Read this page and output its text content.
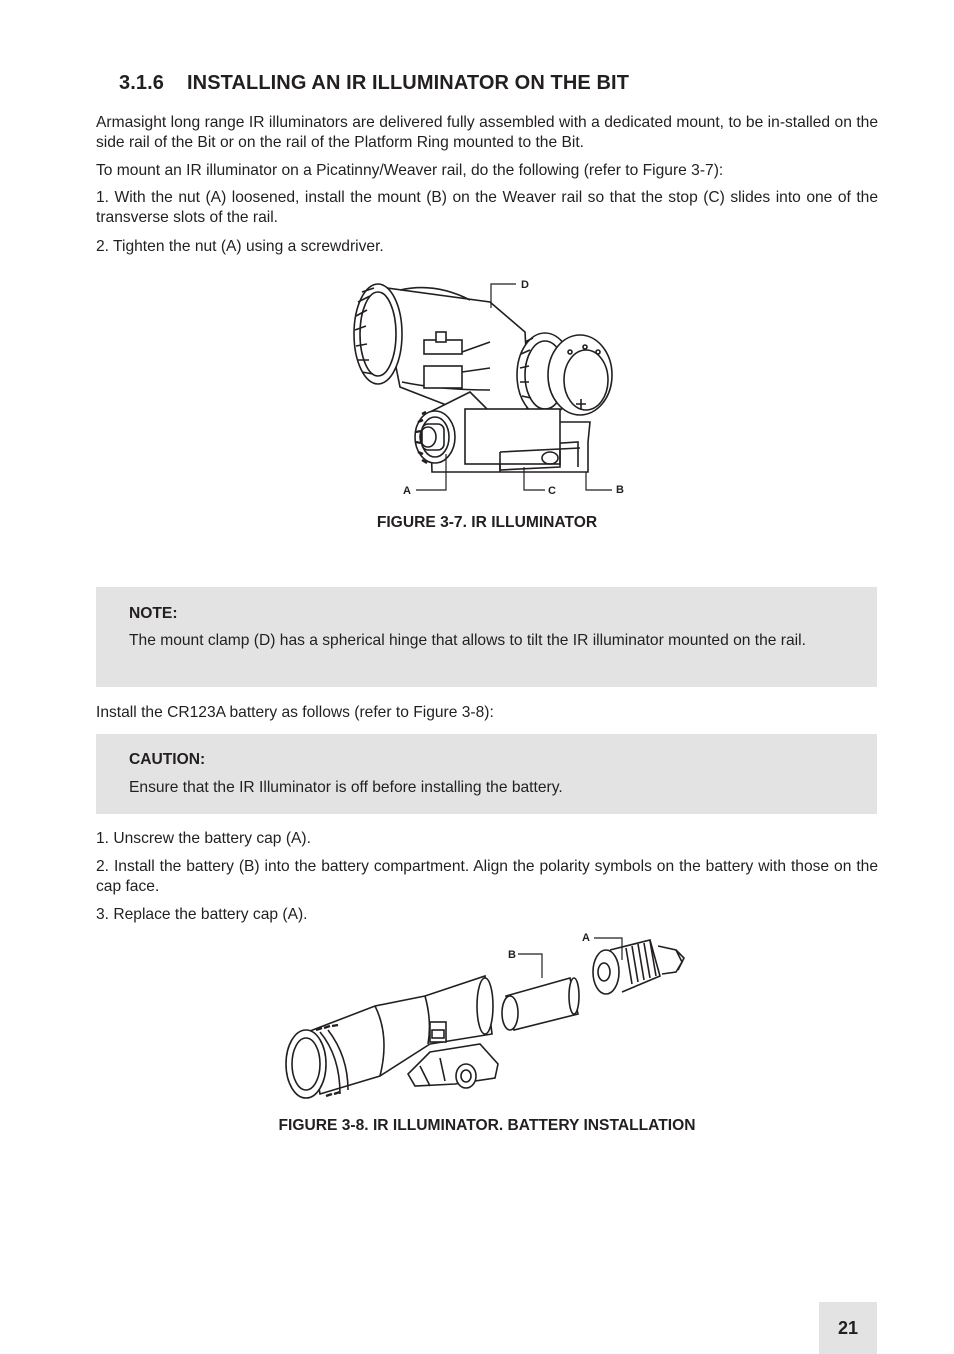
3.1.6 INSTALLING AN IR ILLUMINATOR ON THE BIT

Armasight long range IR illuminators are delivered fully assembled with a dedicated mount, to be in-stalled on the side rail of the Bit or on the rail of the Platform Ring mounted to the Bit.

To mount an IR illuminator on a Picatinny/Weaver rail, do the following (refer to Figure 3-7):

1. With the nut (A) loosened, install the mount (B) on the Weaver rail so that the stop (C) slides into one of the transverse slots of the rail.

2. Tighten the nut (A) using a screwdriver.

D
A	C	B

FIGURE 3-7. IR ILLUMINATOR

NOTE:

The mount clamp (D) has a spherical hinge that allows to tilt the IR illuminator mounted on the rail.

Install the CR123A battery as follows (refer to Figure 3-8):

CAUTION:

Ensure that the IR Illuminator is off before installing the battery.

1. Unscrew the battery cap (A).

2. Install the battery (B) into the battery compartment. Align the polarity symbols on the battery with those on the cap face.

3. Replace the battery cap (A).

B
A

FIGURE 3-8. IR ILLUMINATOR. BATTERY INSTALLATION

21
